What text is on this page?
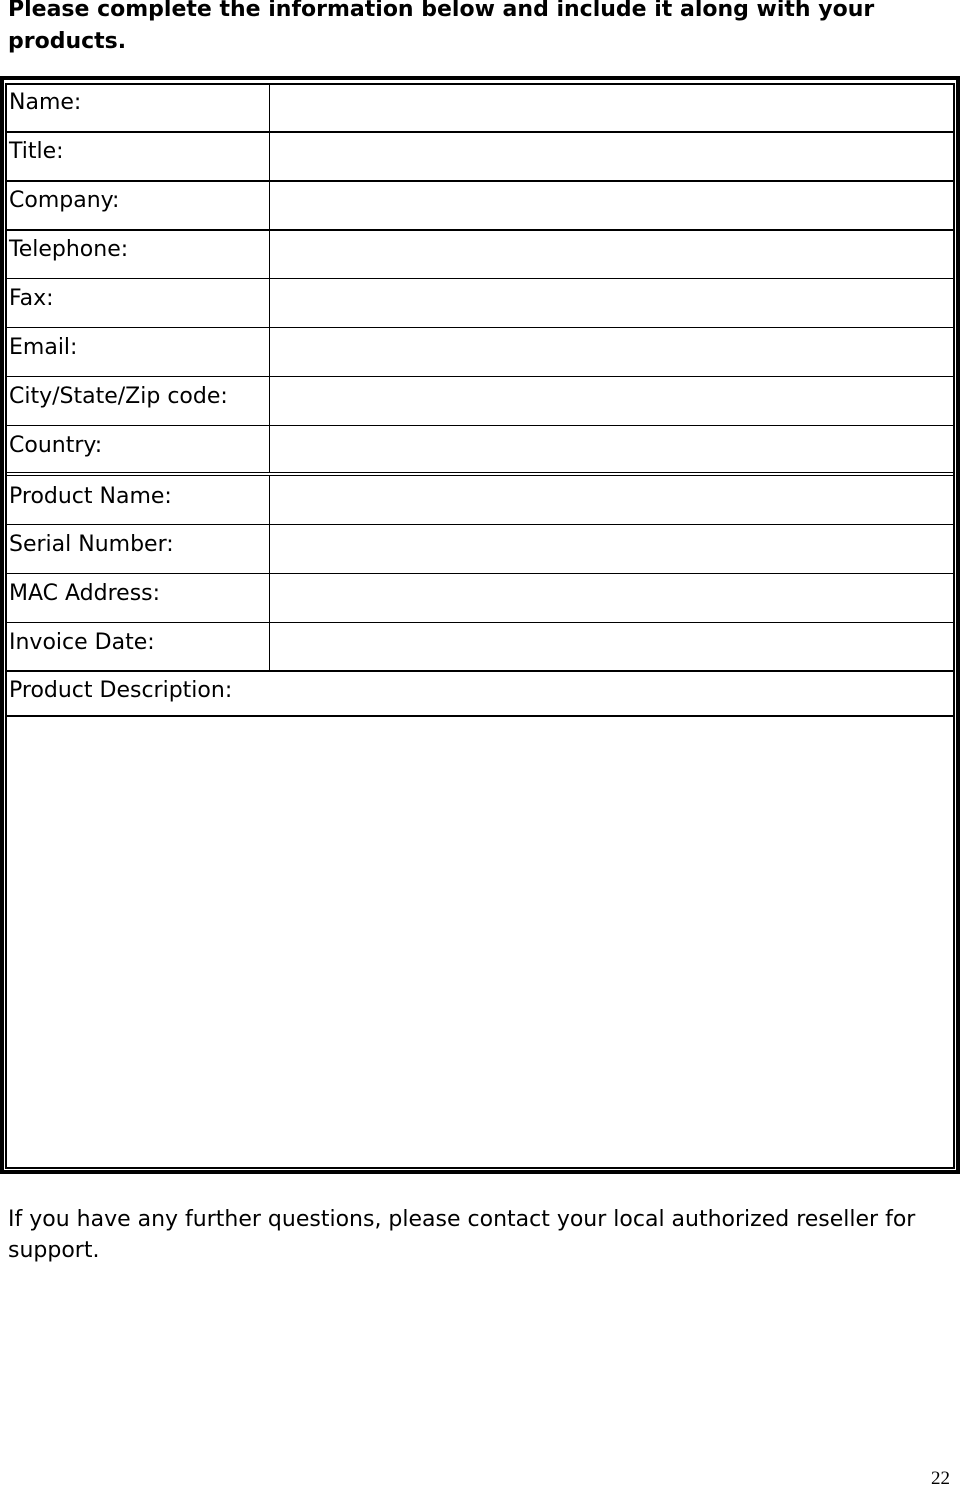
Please complete the information below and include it along with your products.
Name:
Title:
Company:
Telephone:
Fax:
Email:
City/State/Zip code:
Country:
Product Name:
Serial Number:
MAC Address:
Invoice Date:
Product Description:
If you have any further questions, please contact your local authorized reseller for support.
22
